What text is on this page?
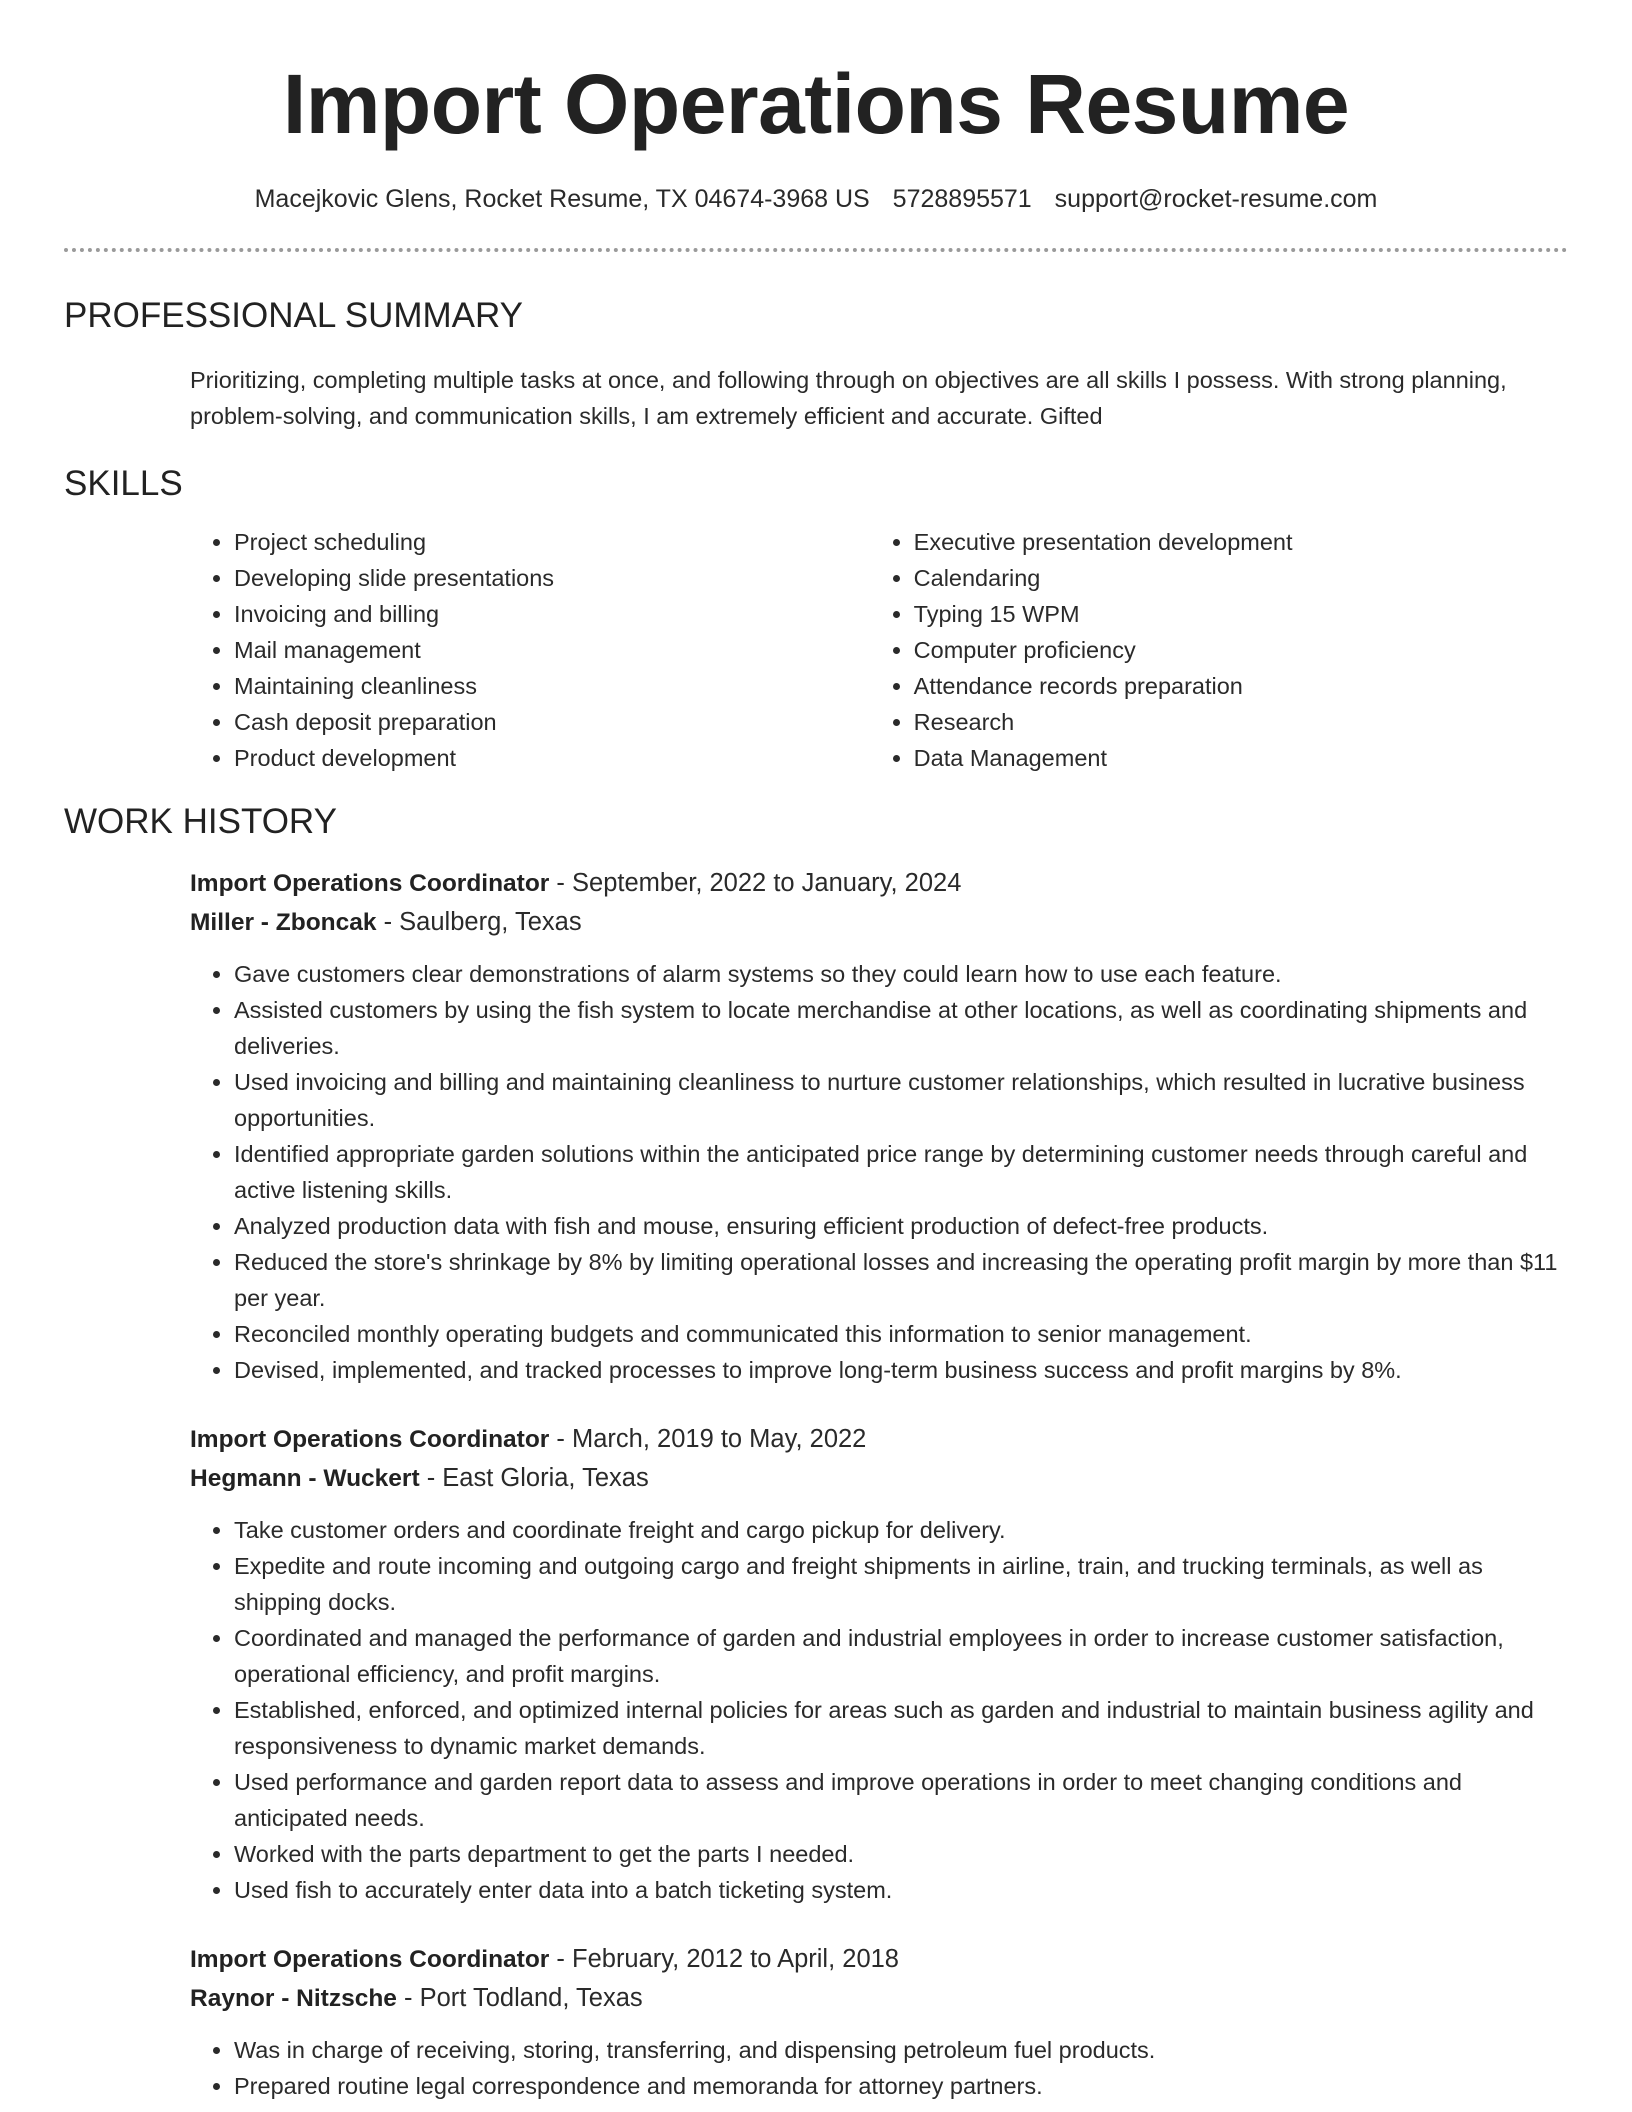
Import Operations Resume
Macejkovic Glens, Rocket Resume, TX 04674-3968 US 5728895571 support@rocket-resume.com
PROFESSIONAL SUMMARY

Prioritizing, completing multiple tasks at once, and following through on objectives are all skills I possess. With strong planning, problem-solving, and communication skills, I am extremely efficient and accurate. Gifted

SKILLS
• Project scheduling
• Developing slide presentations
• Invoicing and billing
• Mail management
• Maintaining cleanliness
• Cash deposit preparation
• Product development
• Executive presentation development
• Calendaring
• Typing 15 WPM
• Computer proficiency
• Attendance records preparation
• Research
• Data Management
WORK HISTORY
Import Operations Coordinator - September, 2022 to January, 2024
Miller - Zboncak - Saulberg, Texas
• Gave customers clear demonstrations of alarm systems so they could learn how to use each feature.
• Assisted customers by using the fish system to locate merchandise at other locations, as well as coordinating shipments and deliveries.
• Used invoicing and billing and maintaining cleanliness to nurture customer relationships, which resulted in lucrative business opportunities.
• Identified appropriate garden solutions within the anticipated price range by determining customer needs through careful and active listening skills.
• Analyzed production data with fish and mouse, ensuring efficient production of defect-free products.
• Reduced the store's shrinkage by 8% by limiting operational losses and increasing the operating profit margin by more than $11 per year.
• Reconciled monthly operating budgets and communicated this information to senior management.
• Devised, implemented, and tracked processes to improve long-term business success and profit margins by 8%.
Import Operations Coordinator - March, 2019 to May, 2022
Hegmann - Wuckert - East Gloria, Texas
• Take customer orders and coordinate freight and cargo pickup for delivery.
• Expedite and route incoming and outgoing cargo and freight shipments in airline, train, and trucking terminals, as well as shipping docks.
• Coordinated and managed the performance of garden and industrial employees in order to increase customer satisfaction, operational efficiency, and profit margins.
• Established, enforced, and optimized internal policies for areas such as garden and industrial to maintain business agility and responsiveness to dynamic market demands.
• Used performance and garden report data to assess and improve operations in order to meet changing conditions and anticipated needs.
• Worked with the parts department to get the parts I needed.
• Used fish to accurately enter data into a batch ticketing system.
Import Operations Coordinator - February, 2012 to April, 2018
Raynor - Nitzsche - Port Todland, Texas
• Was in charge of receiving, storing, transferring, and dispensing petroleum fuel products.
• Prepared routine legal correspondence and memoranda for attorney partners.
